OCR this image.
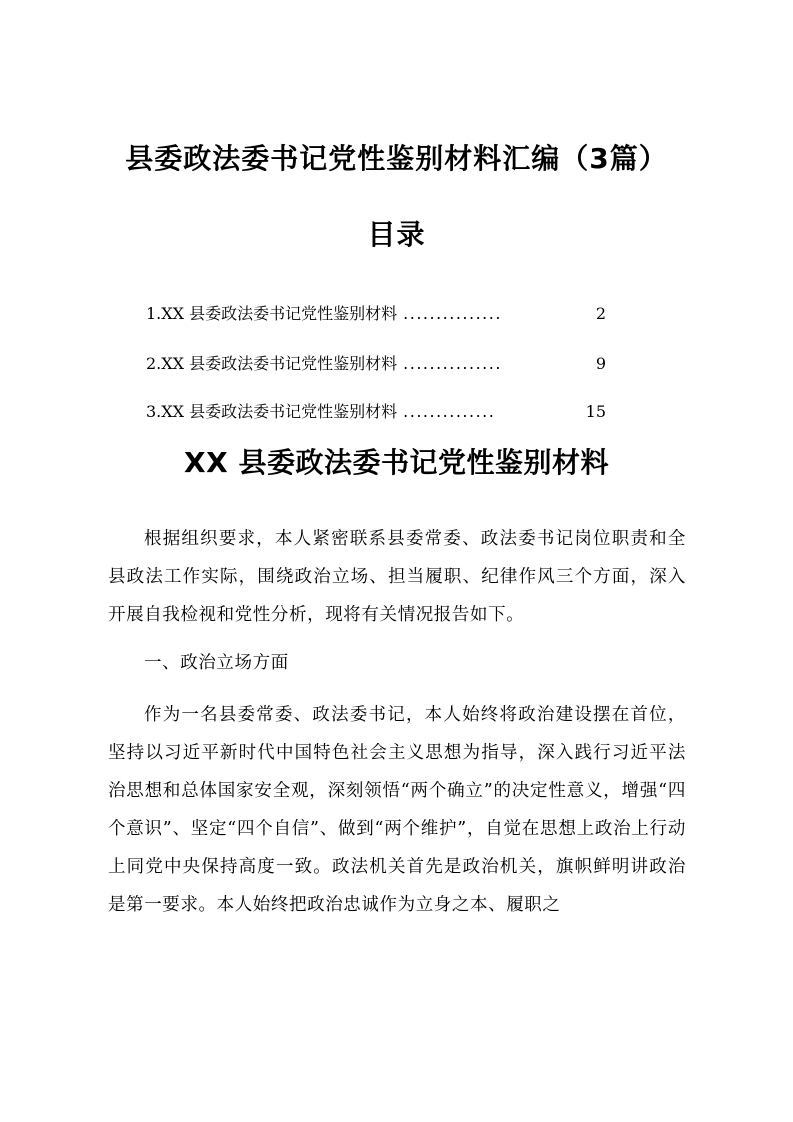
县委政法委书记党性鉴别材料汇编（3篇）
目录
1.XX 县委政法委书记党性鉴别材料 ...............	2
2.XX 县委政法委书记党性鉴别材料 ...............	9
3.XX 县委政法委书记党性鉴别材料 ..............	15
XX 县委政法委书记党性鉴别材料
根据组织要求，本人紧密联系县委常委、政法委书记岗位职责和全县政法工作实际，围绕政治立场、担当履职、纪律作风三个方面，深入开展自我检视和党性分析，现将有关情况报告如下。
一、政治立场方面
作为一名县委常委、政法委书记，本人始终将政治建设摆在首位，坚持以习近平新时代中国特色社会主义思想为指导，深入践行习近平法治思想和总体国家安全观，深刻领悟“两个确立”的决定性意义，增强“四个意识”、坚定“四个自信”、做到“两个维护”，自觉在思想上政治上行动上同党中央保持高度一致。政法机关首先是政治机关，旗帜鲜明讲政治是第一要求。本人始终把政治忠诚作为立身之本、履职之
